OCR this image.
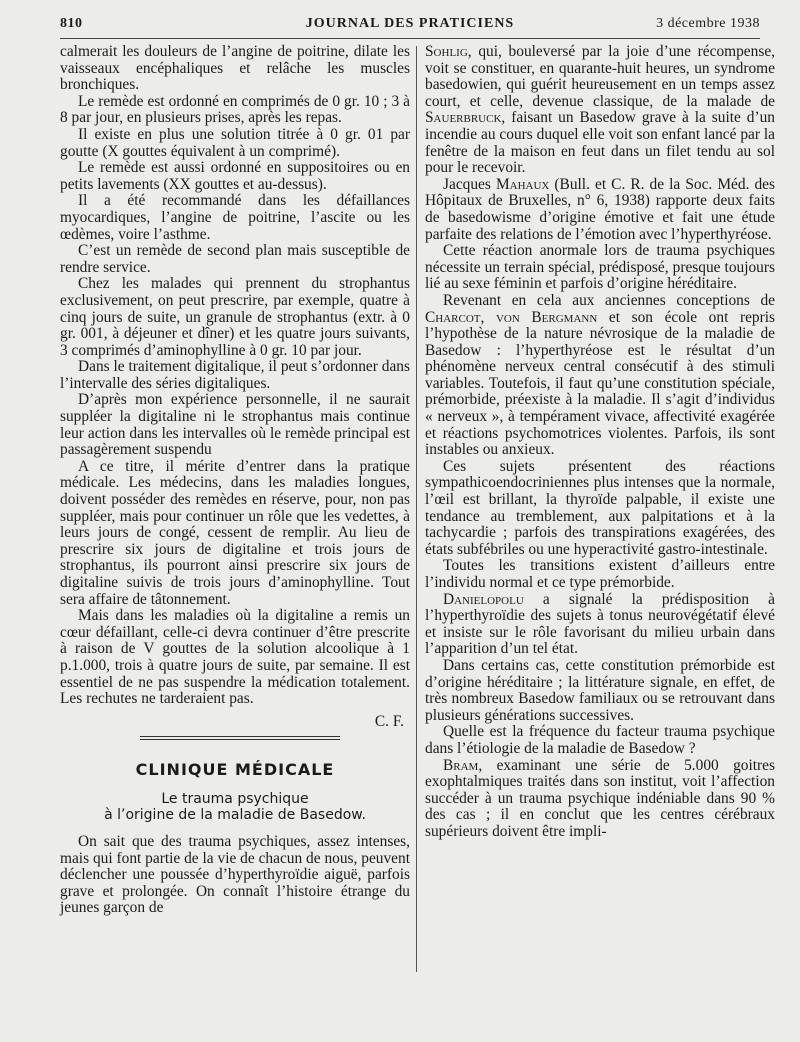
810	JOURNAL DES PRATICIENS	3 décembre 1938

calmerait les douleurs de l’angine de poitrine, dilate les vaisseaux encéphaliques et relâche les muscles bronchiques.

Le remède est ordonné en comprimés de 0 gr. 10 ; 3 à 8 par jour, en plusieurs prises, après les repas.

Il existe en plus une solution titrée à 0 gr. 01 par goutte (X gouttes équivalent à un comprimé).

Le remède est aussi ordonné en suppositoires ou en petits lavements (XX gouttes et au-dessus).

Il a été recommandé dans les défaillances myocardiques, l’angine de poitrine, l’ascite ou les œdèmes, voire l’asthme.

C’est un remède de second plan mais susceptible de rendre service.

Chez les malades qui prennent du strophantus exclusivement, on peut prescrire, par exemple, quatre à cinq jours de suite, un granule de strophantus (extr. à 0 gr. 001, à déjeuner et dîner) et les quatre jours suivants, 3 comprimés d’aminophylline à 0 gr. 10 par jour.

Dans le traitement digitalique, il peut s’ordonner dans l’intervalle des séries digitaliques.

D’après mon expérience personnelle, il ne saurait suppléer la digitaline ni le strophantus mais continue leur action dans les intervalles où le remède principal est passagèrement suspendu

A ce titre, il mérite d’entrer dans la pratique médicale. Les médecins, dans les maladies longues, doivent posséder des remèdes en réserve, pour, non pas suppléer, mais pour continuer un rôle que les vedettes, à leurs jours de congé, cessent de remplir. Au lieu de prescrire six jours de digitaline et trois jours de strophantus, ils pourront ainsi prescrire six jours de digitaline suivis de trois jours d’aminophylline. Tout sera affaire de tâtonnement.

Mais dans les maladies où la digitaline a remis un cœur défaillant, celle-ci devra continuer d’être prescrite à raison de V gouttes de la solution alcoolique à 1 p.1.000, trois à quatre jours de suite, par semaine. Il est essentiel de ne pas suspendre la médication totalement. Les rechutes ne tarderaient pas.

C. F.
CLINIQUE MÉDICALE
Le trauma psychique
à l’origine de la maladie de Basedow.

On sait que des trauma psychiques, assez intenses, mais qui font partie de la vie de chacun de nous, peuvent déclencher une poussée d’hyperthyroïdie aiguë, parfois grave et prolongée. On connaît l’histoire étrange du jeunes garçon de

Sohlig, qui, bouleversé par la joie d’une récompense, voit se constituer, en quarante-huit heures, un syndrome basedowien, qui guérit heureusement en un temps assez court, et celle, devenue classique, de la malade de Sauerbruck, faisant un Basedow grave à la suite d’un incendie au cours duquel elle voit son enfant lancé par la fenêtre de la maison en feut dans un filet tendu au sol pour le recevoir.

Jacques Mahaux (Bull. et C. R. de la Soc. Méd. des Hôpitaux de Bruxelles, n° 6, 1938) rapporte deux faits de basedowisme d’origine émotive et fait une étude parfaite des relations de l’émotion avec l’hyperthyréose.

Cette réaction anormale lors de trauma psychiques nécessite un terrain spécial, prédisposé, presque toujours lié au sexe féminin et parfois d’origine héréditaire.

Revenant en cela aux anciennes conceptions de Charcot, von Bergmann et son école ont repris l’hypothèse de la nature névrosique de la maladie de Basedow : l’hyperthyréose est le résultat d’un phénomène nerveux central consécutif à des stimuli variables. Toutefois, il faut qu’une constitution spéciale, prémorbide, préexiste à la maladie. Il s’agit d’individus « nerveux », à tempérament vivace, affectivité exagérée et réactions psychomotrices violentes. Parfois, ils sont instables ou anxieux.

Ces sujets présentent des réactions sympathicoendocriniennes plus intenses que la normale, l’œil est brillant, la thyroïde palpable, il existe une tendance au tremblement, aux palpitations et à la tachycardie ; parfois des transpirations exagérées, des états subfébriles ou une hyperactivité gastro-intestinale.

Toutes les transitions existent d’ailleurs entre l’individu normal et ce type prémorbide.

Danielopolu a signalé la prédisposition à l’hyperthyroïdie des sujets à tonus neurovégétatif élevé et insiste sur le rôle favorisant du milieu urbain dans l’apparition d’un tel état.

Dans certains cas, cette constitution prémorbide est d’origine héréditaire ; la littérature signale, en effet, de très nombreux Basedow familiaux ou se retrouvant dans plusieurs générations successives.

Quelle est la fréquence du facteur trauma psychique dans l’étiologie de la maladie de Basedow ?

Bram, examinant une série de 5.000 goitres exophtalmiques traités dans son institut, voit l’affection succéder à un trauma psychique indéniable dans 90 % des cas ; il en conclut que les centres cérébraux supérieurs doivent être impli-
